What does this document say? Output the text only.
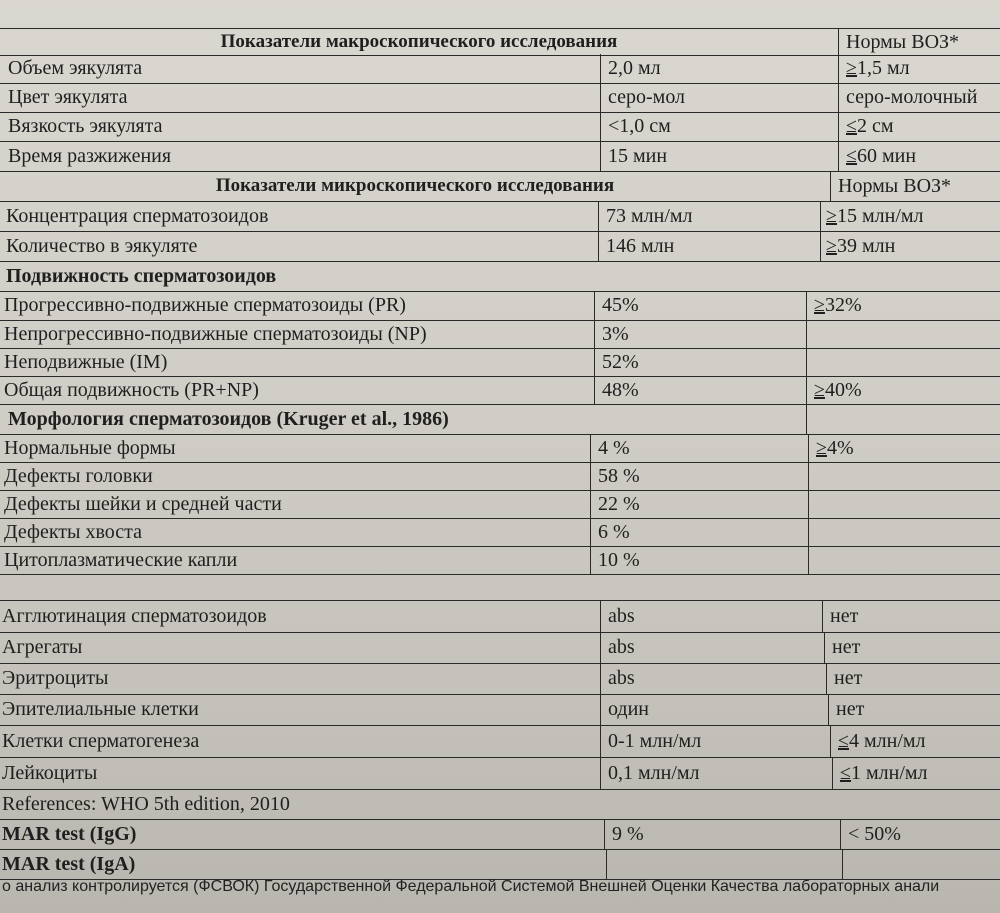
Показатели макроскопического исследования	Нормы ВОЗ*
Объем эякулята	2,0 мл	≥ 1,5 мл
Цвет эякулята	серо-мол	серо-молочный
Вязкость эякулята	<1,0 см	≤ 2 см
Время разжижения	15 мин	≤ 60 мин
Показатели микроскопического исследования	Нормы ВОЗ*
Концентрация сперматозоидов	73 млн/мл	≥ 15 млн/мл
Количество в эякуляте	146 млн	≥ 39 млн
Подвижность сперматозоидов
Прогрессивно-подвижные сперматозоиды (PR)	45%	≥ 32%
Непрогрессивно-подвижные сперматозоиды (NP)	3%
Неподвижные (IM)	52%
Общая подвижность (PR+NP)	48%	≥ 40%
Морфология сперматозоидов (Kruger et al., 1986)
Нормальные формы	4 %	≥ 4%
Дефекты головки	58 %
Дефекты шейки и средней части	22 %
Дефекты хвоста	6 %
Цитоплазматические капли	10 %
Агглютинация сперматозоидов	abs	нет
Агрегаты	abs	нет
Эритроциты	abs	нет
Эпителиальные клетки	один	нет
Клетки сперматогенеза	0-1 млн/мл	≤ 4 млн/мл
Лейкоциты	0,1 млн/мл	≤ 1 млн/мл
References: WHO 5th edition, 2010
MAR test (IgG)	9 %	< 50%
MAR test (IgA)
о анализ контролируется (ФСВОК) Государственной Федеральной Системой Внешней Оценки Качества лабораторных анали
